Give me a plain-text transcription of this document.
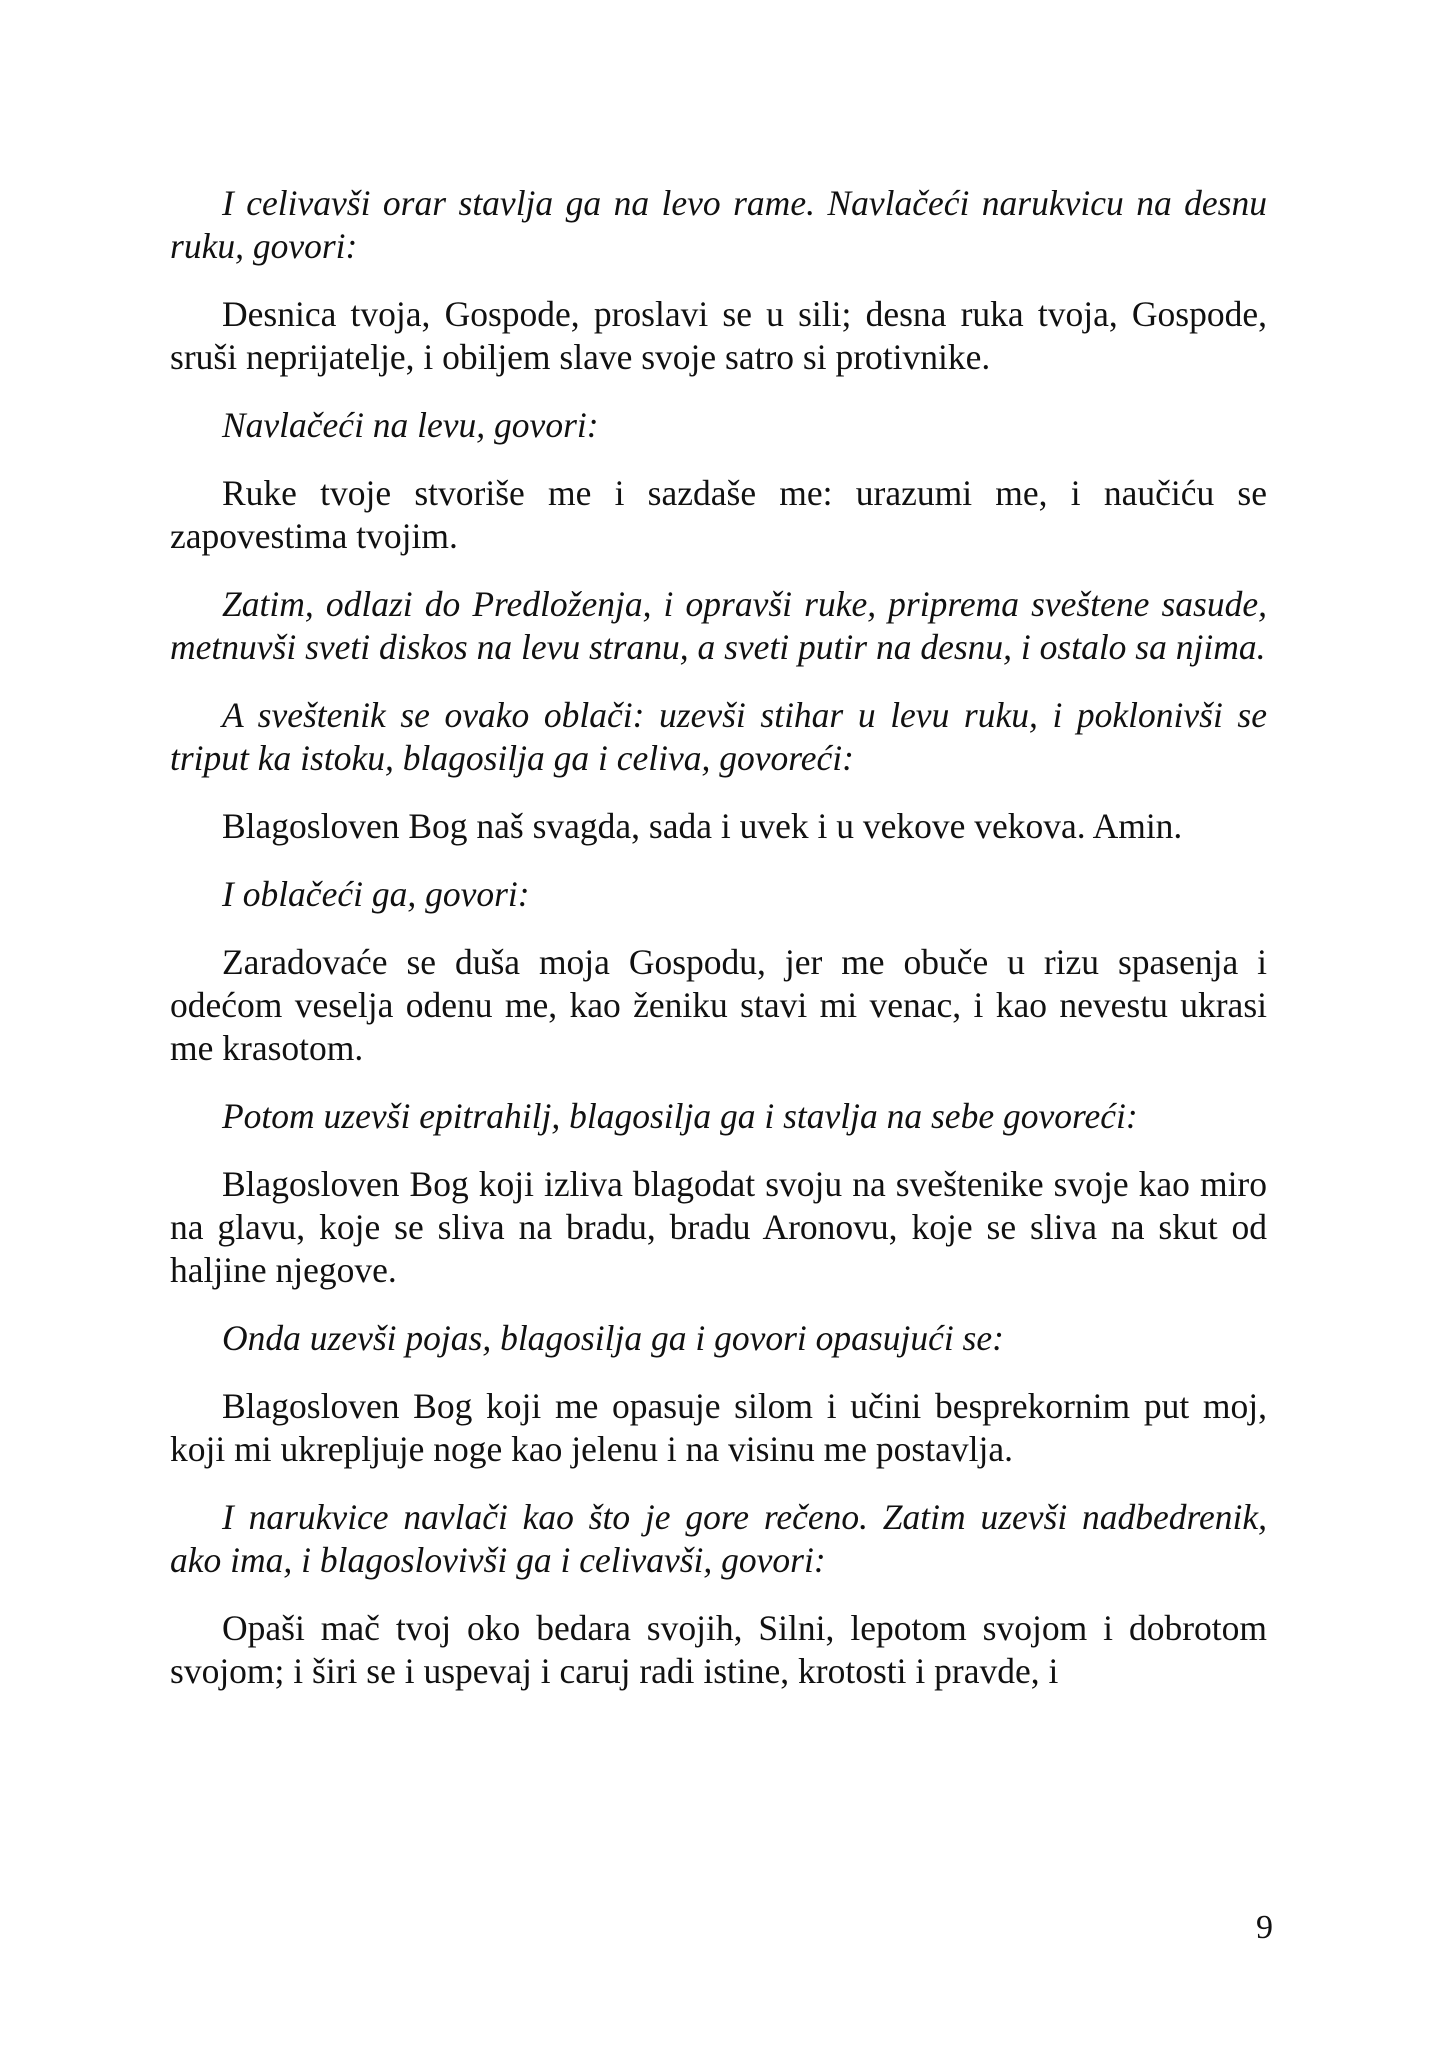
I celivavši orar stavlja ga na levo rame. Navlačeći narukvicu na desnu ruku, govori:

Desnica tvoja, Gospode, proslavi se u sili; desna ruka tvoja, Gospode, sruši neprijatelje, i obiljem slave svoje satro si protivnike.

Navlačeći na levu, govori:

Ruke tvoje stvoriše me i sazdaše me: urazumi me, i naučiću se zapovestima tvojim.

Zatim, odlazi do Predloženja, i opravši ruke, priprema sveštene sasude, metnuvši sveti diskos na levu stranu, a sveti putir na desnu, i ostalo sa njima.

A sveštenik se ovako oblači: uzevši stihar u levu ruku, i poklonivši se triput ka istoku, blagosilja ga i celiva, govoreći:

Blagosloven Bog naš svagda, sada i uvek i u vekove vekova. Amin.

I oblačeći ga, govori:

Zaradovaće se duša moja Gospodu, jer me obuče u rizu spasenja i odećom veselja odenu me, kao ženiku stavi mi venac, i kao nevestu ukrasi me krasotom.

Potom uzevši epitrahilj, blagosilja ga i stavlja na sebe govoreći:

Blagosloven Bog koji izliva blagodat svoju na sveštenike svoje kao miro na glavu, koje se sliva na bradu, bradu Aronovu, koje se sliva na skut od haljine njegove.

Onda uzevši pojas, blagosilja ga i govori opasujući se:

Blagosloven Bog koji me opasuje silom i učini besprekornim put moj, koji mi ukrepljuje noge kao jelenu i na visinu me postavlja.

I narukvice navlači kao što je gore rečeno. Zatim uzevši nadbedrenik, ako ima, i blagoslovivši ga i celivavši, govori:

Opaši mač tvoj oko bedara svojih, Silni, lepotom svojom i dobrotom svojom; i širi se i uspevaj i caruj radi istine, krotosti i pravde, i

9
